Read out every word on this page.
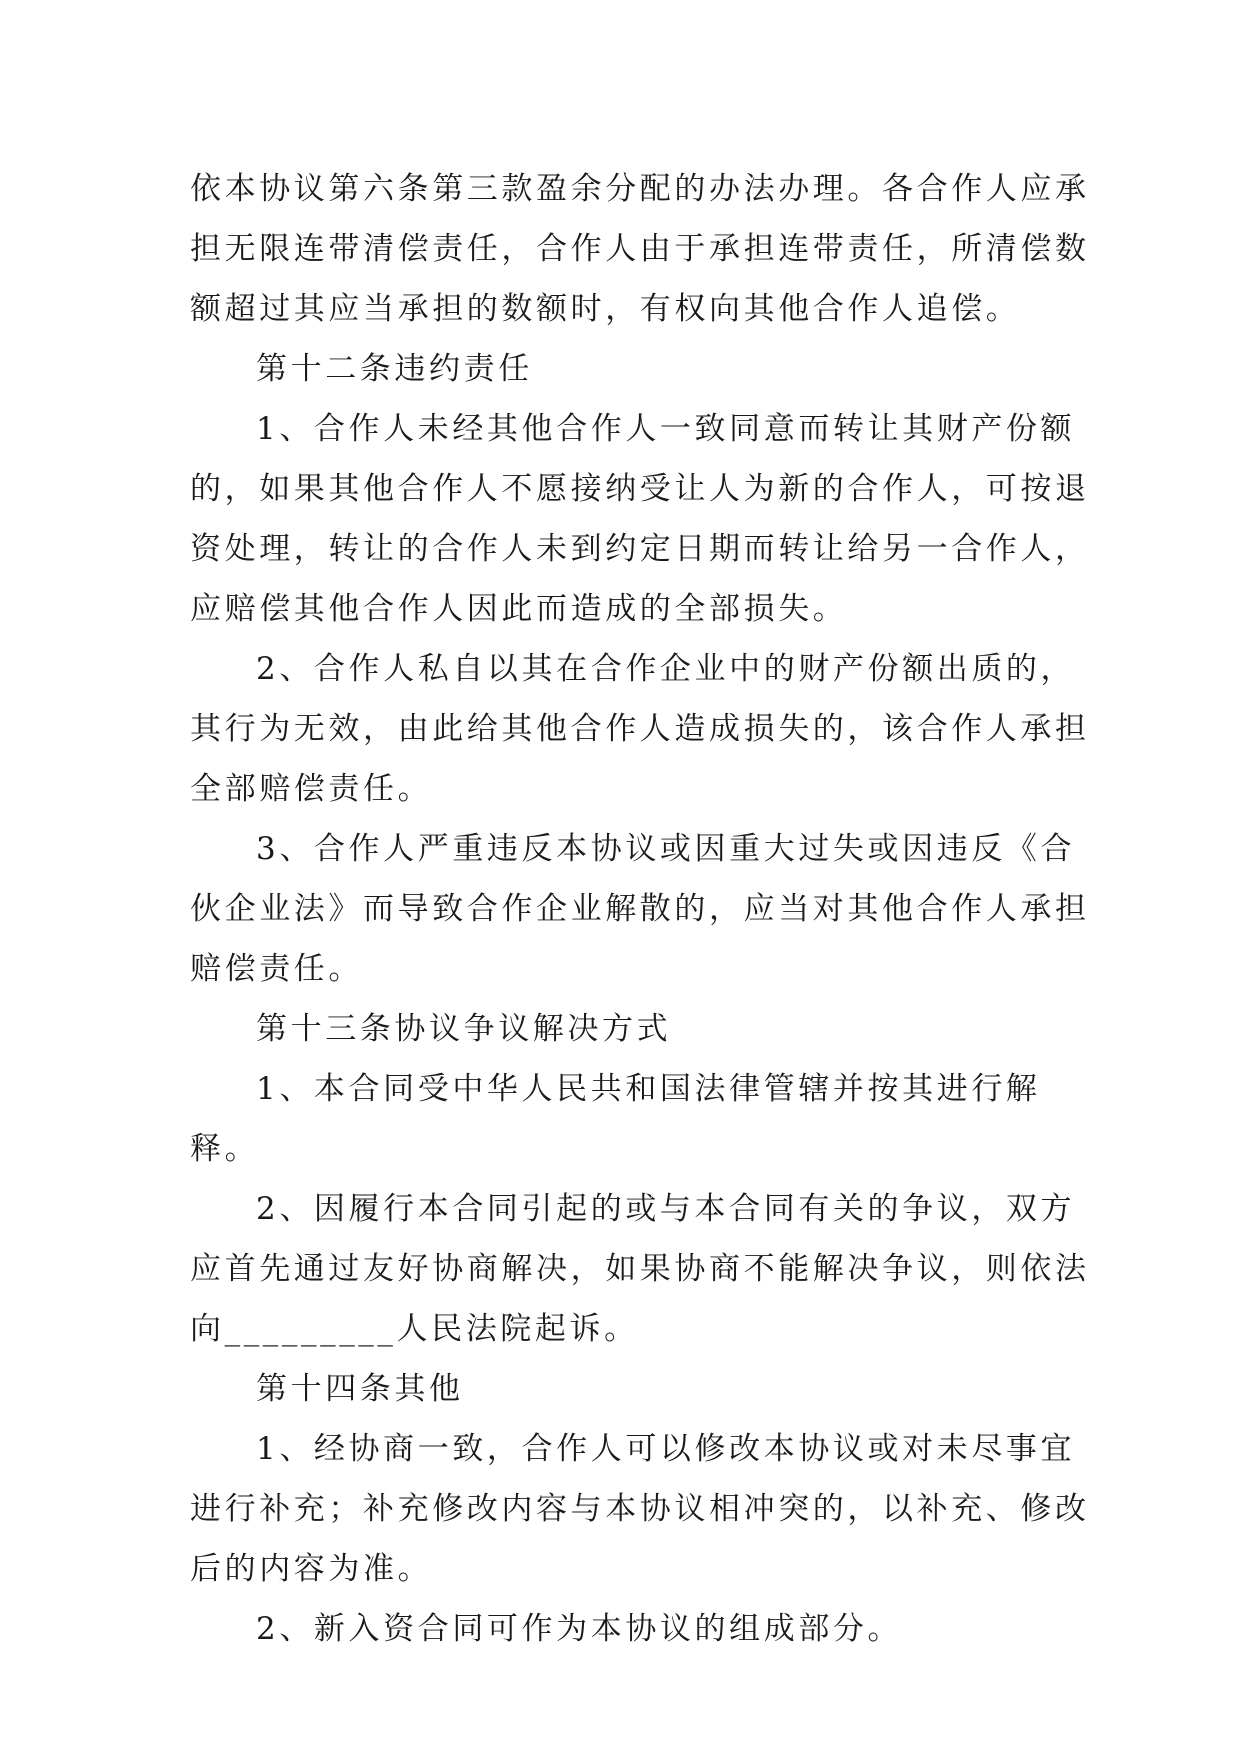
依本协议第六条第三款盈余分配的办法办理。各合作人应承担无限连带清偿责任，合作人由于承担连带责任，所清偿数额超过其应当承担的数额时，有权向其他合作人追偿。

第十二条违约责任

1、合作人未经其他合作人一致同意而转让其财产份额的，如果其他合作人不愿接纳受让人为新的合作人，可按退资处理，转让的合作人未到约定日期而转让给另一合作人，应赔偿其他合作人因此而造成的全部损失。

2、合作人私自以其在合作企业中的财产份额出质的，其行为无效，由此给其他合作人造成损失的，该合作人承担全部赔偿责任。

3、合作人严重违反本协议或因重大过失或因违反《合伙企业法》而导致合作企业解散的，应当对其他合作人承担赔偿责任。

第十三条协议争议解决方式

1、本合同受中华人民共和国法律管辖并按其进行解释。

2、因履行本合同引起的或与本合同有关的争议，双方应首先通过友好协商解决，如果协商不能解决争议，则依法向_________人民法院起诉。

第十四条其他

1、经协商一致，合作人可以修改本协议或对未尽事宜进行补充；补充修改内容与本协议相冲突的，以补充、修改后的内容为准。

2、新入资合同可作为本协议的组成部分。
